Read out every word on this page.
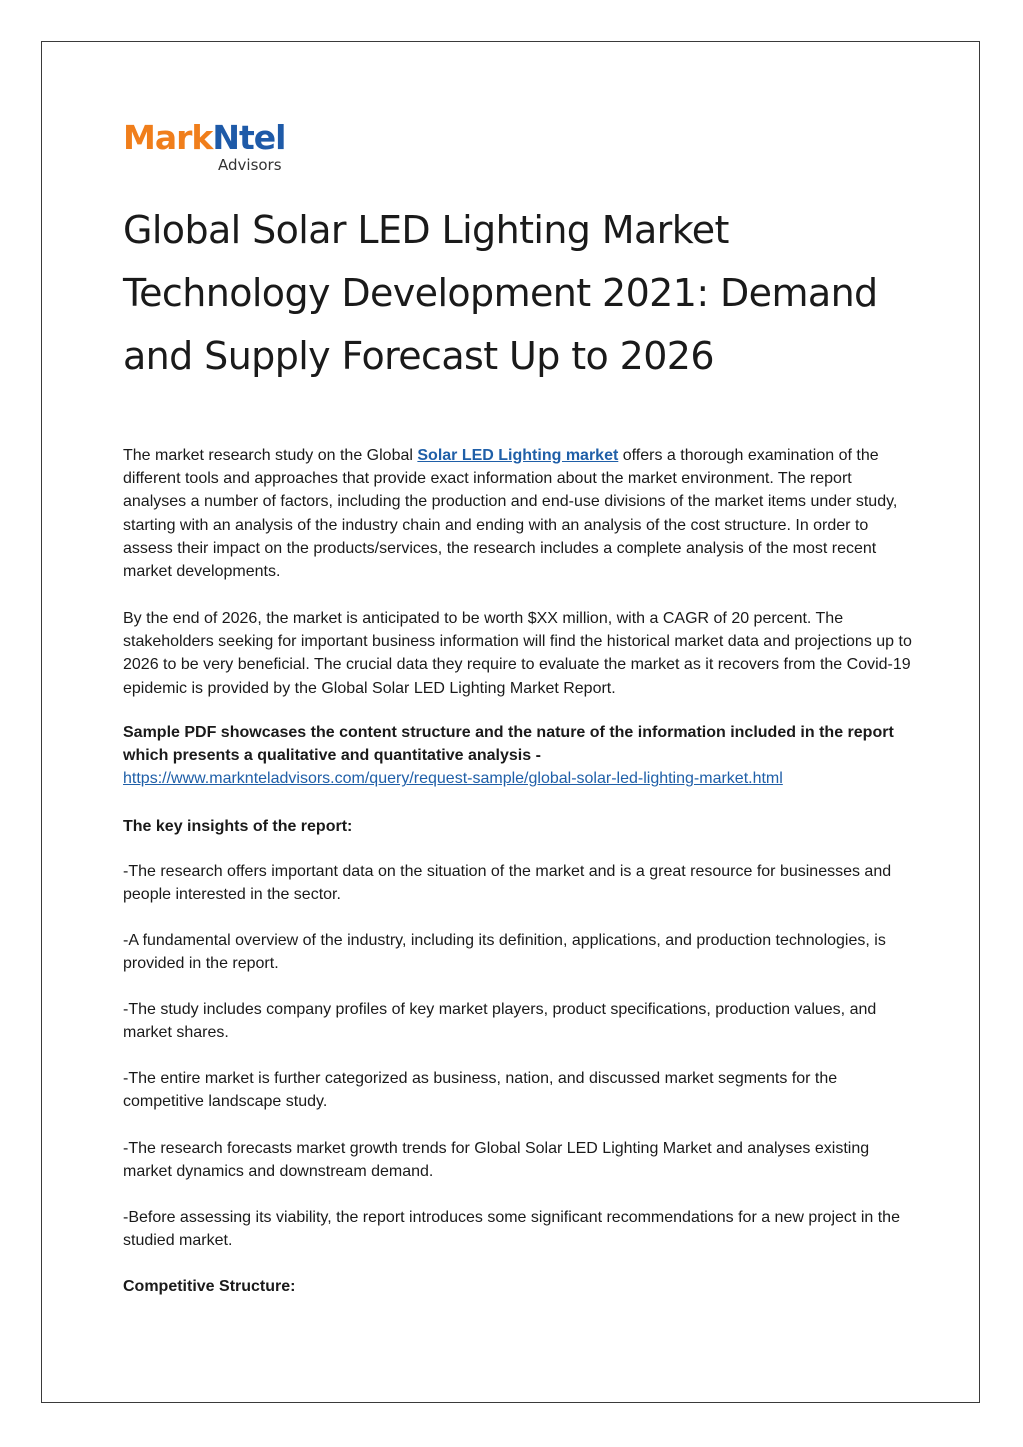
MarkNtel
Advisors
Global Solar LED Lighting Market Technology Development 2021: Demand and Supply Forecast Up to 2026

The market research study on the Global Solar LED Lighting market offers a thorough examination of the different tools and approaches that provide exact information about the market environment. The report analyses a number of factors, including the production and end-use divisions of the market items under study, starting with an analysis of the industry chain and ending with an analysis of the cost structure. In order to assess their impact on the products/services, the research includes a complete analysis of the most recent market developments.

By the end of 2026, the market is anticipated to be worth $XX million, with a CAGR of 20 percent. The stakeholders seeking for important business information will find the historical market data and projections up to 2026 to be very beneficial. The crucial data they require to evaluate the market as it recovers from the Covid-19 epidemic is provided by the Global Solar LED Lighting Market Report.

Sample PDF showcases the content structure and the nature of the information included in the report which presents a qualitative and quantitative analysis -
https://www.marknteladvisors.com/query/request-sample/global-solar-led-lighting-market.html

The key insights of the report:

-The research offers important data on the situation of the market and is a great resource for businesses and people interested in the sector.

-A fundamental overview of the industry, including its definition, applications, and production technologies, is provided in the report.

-The study includes company profiles of key market players, product specifications, production values, and market shares.

-The entire market is further categorized as business, nation, and discussed market segments for the competitive landscape study.

-The research forecasts market growth trends for Global Solar LED Lighting Market and analyses existing market dynamics and downstream demand.

-Before assessing its viability, the report introduces some significant recommendations for a new project in the studied market.

Competitive Structure:
